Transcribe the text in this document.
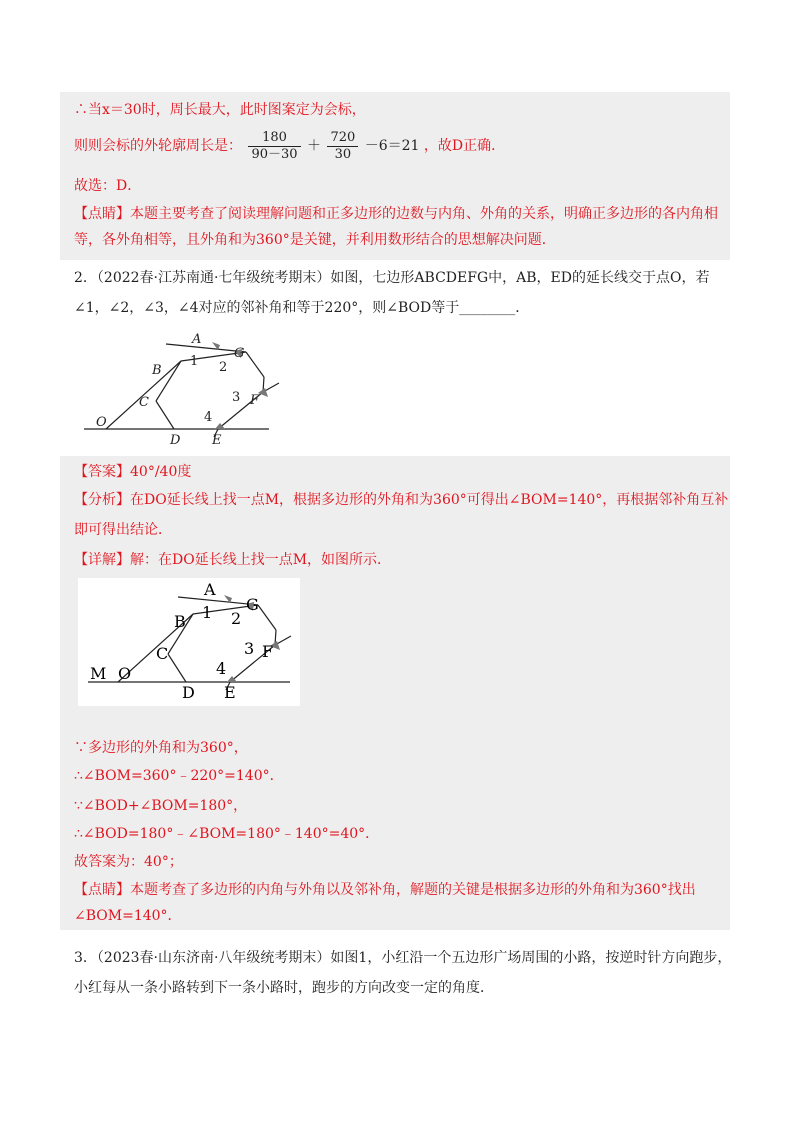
∴当x＝30时，周长最大，此时图案定为会标，
则则会标的外轮廓周长是： $\frac{180}{90-30} + \frac{720}{30} -6=21$ ，故D正确．
故选：D．
【点睛】本题主要考查了阅读理解问题和正多边形的边数与内角、外角的关系，明确正多边形的各内角相
等，各外角相等，且外角和为360°是关键，并利用数形结合的思想解决问题．
2．（2022春·江苏南通·七年级统考期末）如图，七边形ABCDEFG中，AB，ED的延长线交于点O，若
∠1，∠2，∠3，∠4对应的邻补角和等于220°，则∠BOD等于________．
A
G
B
C	F
O
D E
1 2
3
4
【答案】40°/40度
【分析】在DO延长线上找一点M，根据多边形的外角和为360°可得出∠BOM=140°，再根据邻补角互补
即可得出结论．
【详解】解：在DO延长线上找一点M，如图所示．
A
G
B
C	F
M O
D E
1 2
3
4
∵多边形的外角和为360°，
∴∠BOM=360°﹣220°=140°．
∵∠BOD+∠BOM=180°，
∴∠BOD=180°﹣∠BOM=180°﹣140°=40°．
故答案为：40°；
【点睛】本题考查了多边形的内角与外角以及邻补角，解题的关键是根据多边形的外角和为360°找出
∠BOM=140°．
3．（2023春·山东济南·八年级统考期末）如图1，小红沿一个五边形广场周围的小路，按逆时针方向跑步，
小红每从一条小路转到下一条小路时，跑步的方向改变一定的角度．
